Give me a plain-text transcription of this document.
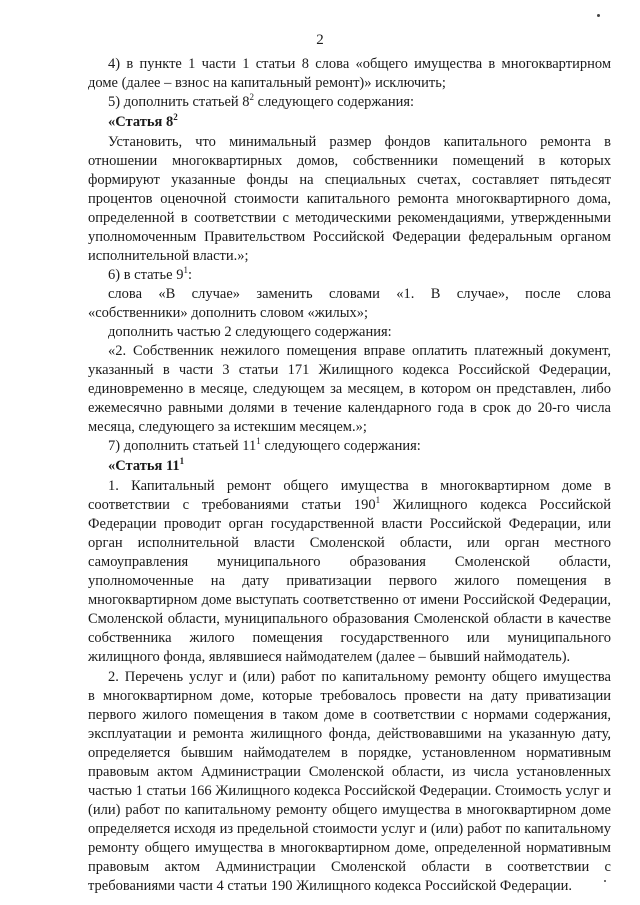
2
4) в пункте 1 части 1 статьи 8 слова «общего имущества в многоквартирном
доме (далее – взнос на капитальный ремонт)» исключить;
5) дополнить статьей $8^2$ следующего содержания:
«Статья $8^2$
Установить, что минимальный размер фондов капитального ремонта в
отношении многоквартирных домов, собственники помещений в которых
формируют указанные фонды на специальных счетах, составляет пятьдесят
процентов оценочной стоимости капитального ремонта многоквартирного дома,
определенной в соответствии с методическими рекомендациями, утвержденными
уполномоченным Правительством Российской Федерации федеральным органом
исполнительной власти.»;
6) в статье $9^1$:
слова «В случае» заменить словами «1. В случае», после слова
«собственники» дополнить словом «жилых»;
дополнить частью 2 следующего содержания:
«2. Собственник нежилого помещения вправе оплатить платежный документ,
указанный в части 3 статьи 171 Жилищного кодекса Российской Федерации,
единовременно в месяце, следующем за месяцем, в котором он представлен, либо
ежемесячно равными долями в течение календарного года в срок до 20-го числа
месяца, следующего за истекшим месяцем.»;
7) дополнить статьей $11^1$ следующего содержания:
«Статья $11^1$
1. Капитальный ремонт общего имущества в многоквартирном доме в
соответствии с требованиями статьи $190^1$ Жилищного кодекса Российской
Федерации проводит орган государственной власти Российской Федерации, или
орган исполнительной власти Смоленской области, или орган местного
самоуправления муниципального образования Смоленской области,
уполномоченные на дату приватизации первого жилого помещения в
многоквартирном доме выступать соответственно от имени Российской Федерации,
Смоленской области, муниципального образования Смоленской области в качестве
собственника жилого помещения государственного или муниципального
жилищного фонда, являвшиеся наймодателем (далее – бывший наймодатель).
2. Перечень услуг и (или) работ по капитальному ремонту общего имущества
в многоквартирном доме, которые требовалось провести на дату приватизации
первого жилого помещения в таком доме в соответствии с нормами содержания,
эксплуатации и ремонта жилищного фонда, действовавшими на указанную дату,
определяется бывшим наймодателем в порядке, установленном нормативным
правовым актом Администрации Смоленской области, из числа установленных
частью 1 статьи 166 Жилищного кодекса Российской Федерации. Стоимость услуг и
(или) работ по капитальному ремонту общего имущества в многоквартирном доме
определяется исходя из предельной стоимости услуг и (или) работ по капитальному
ремонту общего имущества в многоквартирном доме, определенной нормативным
правовым актом Администрации Смоленской области в соответствии с
требованиями части 4 статьи 190 Жилищного кодекса Российской Федерации.
